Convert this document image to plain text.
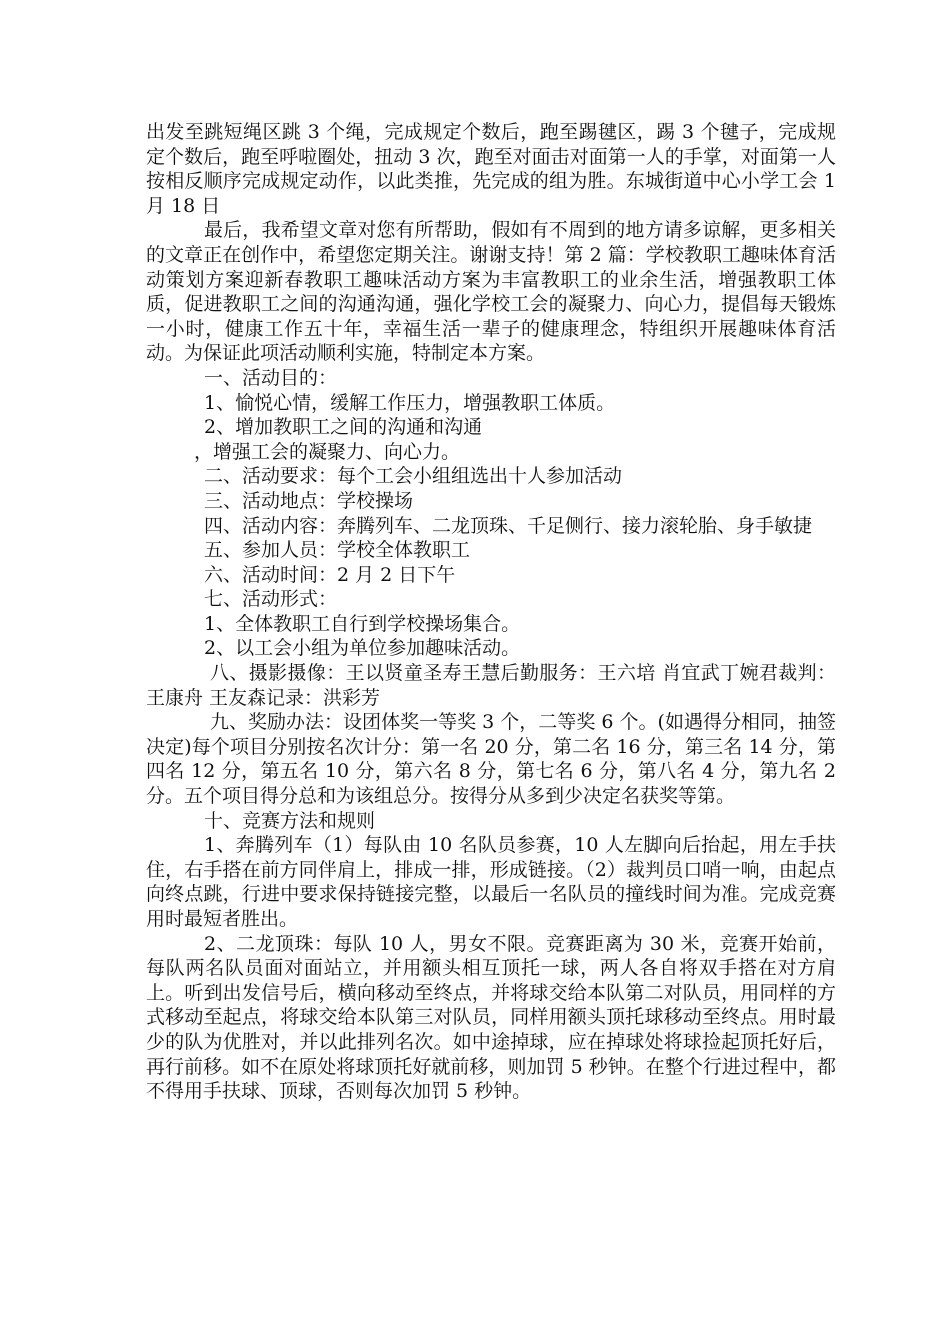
出发至跳短绳区跳 3 个绳，完成规定个数后，跑至踢毽区，踢 3 个毽子，完成规定个数后，跑至呼啦圈处，扭动 3 次，跑至对面击对面第一人的手掌，对面第一人按相反顺序完成规定动作，以此类推，先完成的组为胜。东城街道中心小学工会 1 月 18 日

最后，我希望文章对您有所帮助，假如有不周到的地方请多谅解，更多相关的文章正在创作中，希望您定期关注。谢谢支持！第 2 篇：学校教职工趣味体育活动策划方案迎新春教职工趣味活动方案为丰富教职工的业余生活，增强教职工体质，促进教职工之间的沟通沟通，强化学校工会的凝聚力、向心力，提倡每天锻炼一小时，健康工作五十年，幸福生活一辈子的健康理念，特组织开展趣味体育活动。为保证此项活动顺利实施，特制定本方案。

一、活动目的：

1、愉悦心情，缓解工作压力，增强教职工体质。

2、增加教职工之间的沟通和沟通

，增强工会的凝聚力、向心力。

二、活动要求：每个工会小组组选出十人参加活动

三、活动地点：学校操场

四、活动内容：奔腾列车、二龙顶珠、千足侧行、接力滚轮胎、身手敏捷

五、参加人员：学校全体教职工

六、活动时间：2 月 2 日下午

七、活动形式：

1、全体教职工自行到学校操场集合。

2、以工会小组为单位参加趣味活动。

八、摄影摄像：王以贤童圣寿王慧后勤服务：王六培 肖宜武丁婉君裁判：王康舟 王友森记录：洪彩芳

九、奖励办法：设团体奖一等奖 3 个，二等奖 6 个。(如遇得分相同，抽签决定)每个项目分别按名次计分：第一名 20 分，第二名 16 分，第三名 14 分，第四名 12 分，第五名 10 分，第六名 8 分，第七名 6 分，第八名 4 分，第九名 2 分。五个项目得分总和为该组总分。按得分从多到少决定名获奖等第。

十、竞赛方法和规则

1、奔腾列车（1）每队由 10 名队员参赛，10 人左脚向后抬起，用左手扶住，右手搭在前方同伴肩上，排成一排，形成链接。（2）裁判员口哨一响，由起点向终点跳，行进中要求保持链接完整，以最后一名队员的撞线时间为准。完成竞赛用时最短者胜出。

2、二龙顶珠：每队 10 人，男女不限。竞赛距离为 30 米，竞赛开始前，每队两名队员面对面站立，并用额头相互顶托一球，两人各自将双手搭在对方肩上。听到出发信号后，横向移动至终点，并将球交给本队第二对队员，用同样的方式移动至起点，将球交给本队第三对队员，同样用额头顶托球移动至终点。用时最少的队为优胜对，并以此排列名次。如中途掉球，应在掉球处将球捡起顶托好后，再行前移。如不在原处将球顶托好就前移，则加罚 5 秒钟。在整个行进过程中，都不得用手扶球、顶球，否则每次加罚 5 秒钟。
